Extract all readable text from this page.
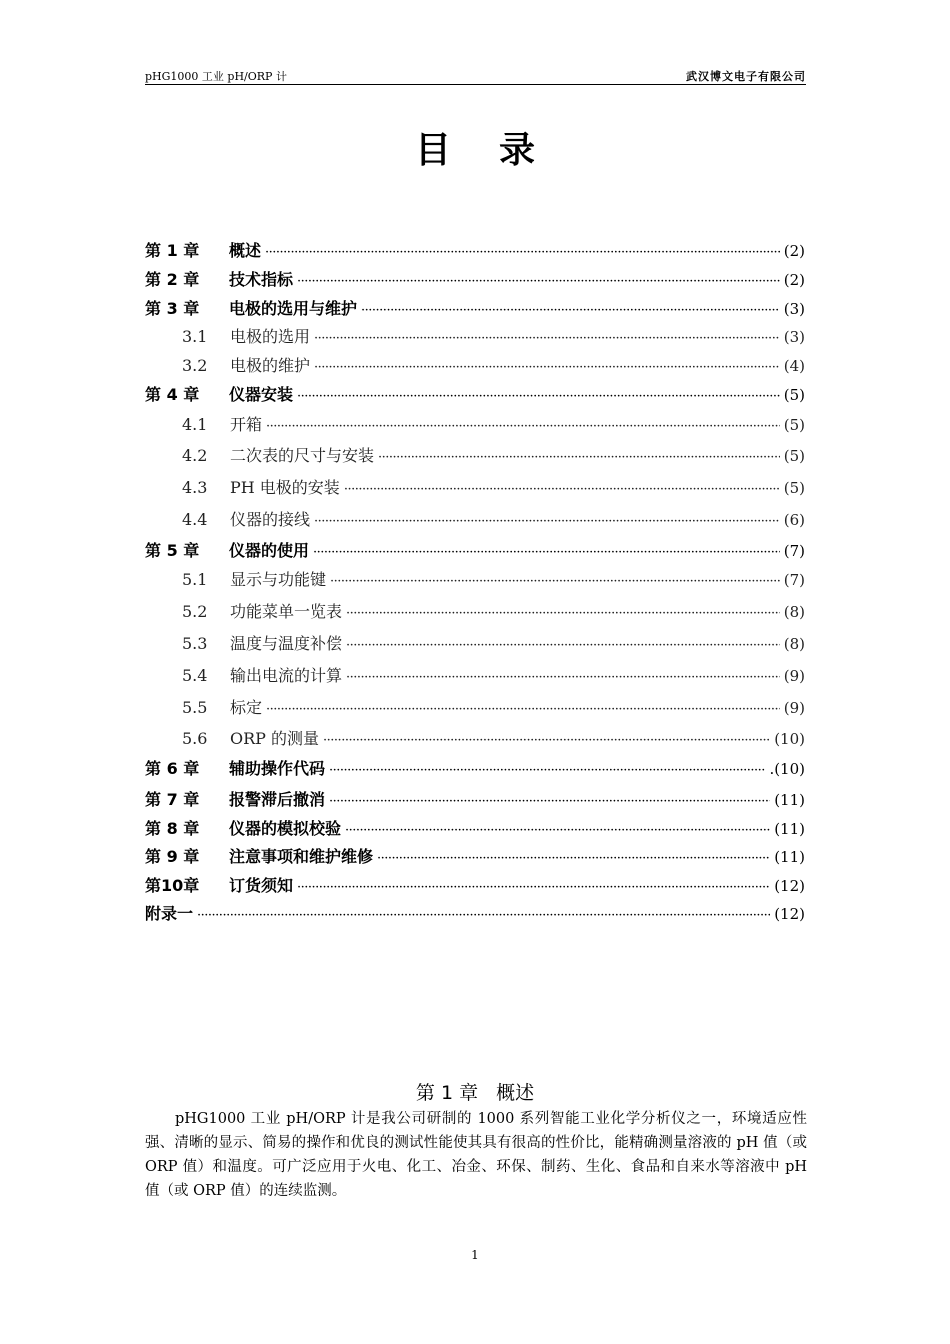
pHG1000 工业 pH/ORP 计	武汉博文电子有限公司
目录
第 1 章	概述 ·····	(2)
第 2 章	技术指标 ·····	(2)
第 3 章	电极的选用与维护 ·····	(3)
3.1	电极的选用 ·····	(3)
3.2	电极的维护 ·····	(4)
第 4 章	仪器安装 ·····	(5)
4.1	开箱 ·····	(5)
4.2	二次表的尺寸与安装 ·····	(5)
4.3	PH 电极的安装 ·····	(5)
4.4	仪器的接线 ·····	(6)
第 5 章	仪器的使用 ·····	(7)
5.1	显示与功能键 ·····	(7)
5.2	功能菜单一览表 ·····	(8)
5.3	温度与温度补偿 ·····	(8)
5.4	输出电流的计算 ·····	(9)
5.5	标定 ·····	(9)
5.6	ORP 的测量 ·····	(10)
第 6 章	辅助操作代码 ·····	.(10)
第 7 章	报警滞后撤消 ·····	(11)
第 8 章	仪器的模拟校验 ·····	(11)
第 9 章	注意事项和维护维修 ·····	(11)
第10章	订货须知 ·····	(12)
附录一 ·····	(12)
第 1 章 概述
pHG1000 工业 pH/ORP 计是我公司研制的 1000 系列智能工业化学分析仪之一，环境适应性强、清晰的显示、简易的操作和优良的测试性能使其具有很高的性价比，能精确测量溶液的 pH 值（或 ORP 值）和温度。可广泛应用于火电、化工、冶金、环保、制药、生化、食品和自来水等溶液中 pH 值（或 ORP 值）的连续监测。
1
